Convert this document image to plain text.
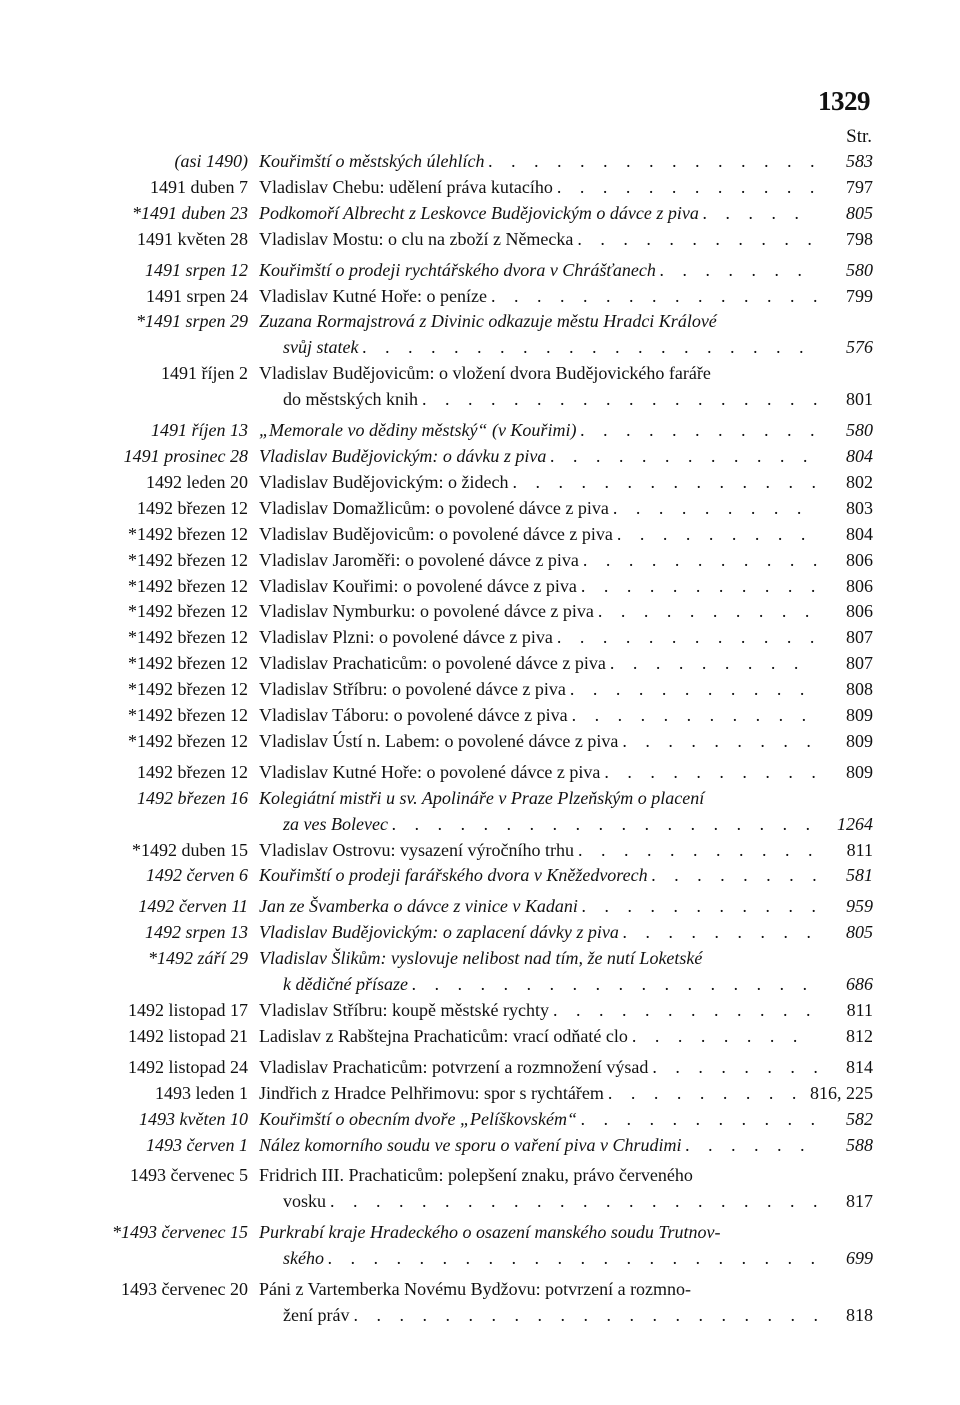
1329
Str.
(asi 1490) Kouřimští o městských úlehlích . . .	583
1491 duben 7 Vladislav Chebu: udělení práva kutacího . . .	797
*1491 duben 23 Podkomoří Albrecht z Leskovce Budějovickým o dávce z piva . . .	805
1491 květen 28 Vladislav Mostu: o clu na zboží z Německa . . .	798
1491 srpen 12 Kouřimští o prodeji rychtářského dvora v Chrášťanech . . .	580
1491 srpen 24 Vladislav Kutné Hoře: o peníze . . .	799
*1491 srpen 29 Zuzana Rormajstrová z Divinic odkazuje městu Hradci Králové
svůj statek . . .	576
1491 říjen 2 Vladislav Budějovicům: o vložení dvora Budějovického faráře
do městských knih . . .	801
1491 říjen 13 „Memorale vo dědiny městský“ (v Kouřimi) . . .	580
1491 prosinec 28 Vladislav Budějovickým: o dávku z piva . . .	804
1492 leden 20 Vladislav Budějovickým: o židech . . .	802
1492 březen 12 Vladislav Domažlicům: o povolené dávce z piva . . .	803
*1492 březen 12 Vladislav Budějovicům: o povolené dávce z piva . . .	804
*1492 březen 12 Vladislav Jaroměři: o povolené dávce z piva . . .	806
*1492 březen 12 Vladislav Kouřimi: o povolené dávce z piva . . .	806
*1492 březen 12 Vladislav Nymburku: o povolené dávce z piva . . .	806
*1492 březen 12 Vladislav Plzni: o povolené dávce z piva . . .	807
*1492 březen 12 Vladislav Prachaticům: o povolené dávce z piva . . .	807
*1492 březen 12 Vladislav Stříbru: o povolené dávce z piva . . .	808
*1492 březen 12 Vladislav Táboru: o povolené dávce z piva . . .	809
*1492 březen 12 Vladislav Ústí n. Labem: o povolené dávce z piva . . .	809
1492 březen 12 Vladislav Kutné Hoře: o povolené dávce z piva . . .	809
1492 březen 16 Kolegiátní mistři u sv. Apolináře v Praze Plzeňským o placení
za ves Bolevec . . .	1264
*1492 duben 15 Vladislav Ostrovu: vysazení výročního trhu . . .	811
1492 červen 6 Kouřimští o prodeji farářského dvora v Kněžedvorech . . .	581
1492 červen 11 Jan ze Švamberka o dávce z vinice v Kadani . . .	959
1492 srpen 13 Vladislav Budějovickým: o zaplacení dávky z piva . . .	805
*1492 září 29 Vladislav Šlikům: vyslovuje nelibost nad tím, že nutí Loketské
k dědičné přísaze . . .	686
1492 listopad 17 Vladislav Stříbru: koupě městské rychty . . .	811
1492 listopad 21 Ladislav z Rabštejna Prachaticům: vrací odňaté clo . . .	812
1492 listopad 24 Vladislav Prachaticům: potvrzení a rozmnožení výsad . . .	814
1493 leden 1 Jindřich z Hradce Pelhřimovu: spor s rychtářem . . .	816, 225
1493 květen 10 Kouřimští o obecním dvoře „Pelíškovském“ . . .	582
1493 červen 1 Nález komorního soudu ve sporu o vaření piva v Chrudimi . . .	588
1493 červenec 5 Fridrich III. Prachaticům: polepšení znaku, právo červeného
vosku . . .	817
*1493 červenec 15 Purkrabí kraje Hradeckého o osazení manského soudu Trutnov-
ského . . .	699
1493 červenec 20 Páni z Vartemberka Novému Bydžovu: potvrzení a rozmno-
žení práv . . .	818
